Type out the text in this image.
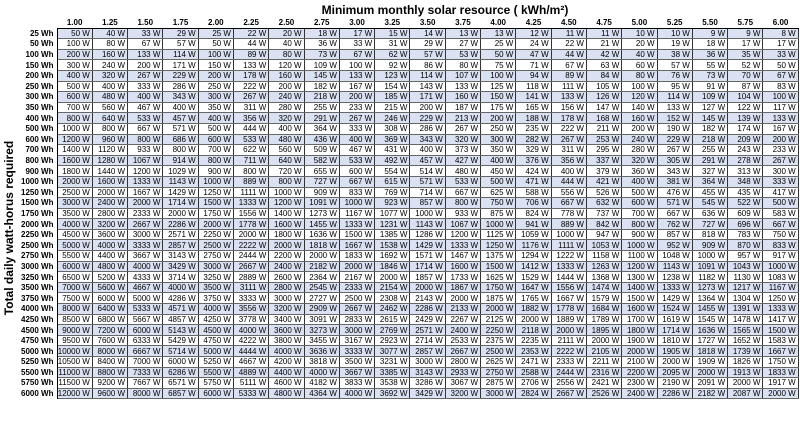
Minimum monthly solar resource ( kWh/m²)
Total daily watt-horus required
	1.00	1.25	1.50	1.75	2.00	2.25	2.50	2.75	3.00	3.25	3.50	3.75	4.00	4.25	4.50	4.75	5.00	5.25	5.50	5.75	6.00
25 Wh	50 W	40 W	33 W	29 W	25 W	22 W	20 W	18 W	17 W	15 W	14 W	13 W	13 W	12 W	11 W	11 W	10 W	10 W	9 W	9 W	8 W
50 Wh	100 W	80 W	67 W	57 W	50 W	44 W	40 W	36 W	33 W	31 W	29 W	27 W	25 W	24 W	22 W	21 W	20 W	19 W	18 W	17 W	17 W
100 Wh	200 W	160 W	133 W	114 W	100 W	89 W	80 W	73 W	67 W	62 W	57 W	53 W	50 W	47 W	44 W	42 W	40 W	38 W	36 W	35 W	33 W
150 Wh	300 W	240 W	200 W	171 W	150 W	133 W	120 W	109 W	100 W	92 W	86 W	80 W	75 W	71 W	67 W	63 W	60 W	57 W	55 W	52 W	50 W
200 Wh	400 W	320 W	267 W	229 W	200 W	178 W	160 W	145 W	133 W	123 W	114 W	107 W	100 W	94 W	89 W	84 W	80 W	76 W	73 W	70 W	67 W
250 Wh	500 W	400 W	333 W	286 W	250 W	222 W	200 W	182 W	167 W	154 W	143 W	133 W	125 W	118 W	111 W	105 W	100 W	95 W	91 W	87 W	83 W
300 Wh	600 W	480 W	400 W	343 W	300 W	267 W	240 W	218 W	200 W	185 W	171 W	160 W	150 W	141 W	133 W	126 W	120 W	114 W	109 W	104 W	100 W
350 Wh	700 W	560 W	467 W	400 W	350 W	311 W	280 W	255 W	233 W	215 W	200 W	187 W	175 W	165 W	156 W	147 W	140 W	133 W	127 W	122 W	117 W
400 Wh	800 W	640 W	533 W	457 W	400 W	356 W	320 W	291 W	267 W	246 W	229 W	213 W	200 W	188 W	178 W	168 W	160 W	152 W	145 W	139 W	133 W
500 Wh	1000 W	800 W	667 W	571 W	500 W	444 W	400 W	364 W	333 W	308 W	286 W	267 W	250 W	235 W	222 W	211 W	200 W	190 W	182 W	174 W	167 W
600 Wh	1200 W	960 W	800 W	686 W	600 W	533 W	480 W	436 W	400 W	369 W	343 W	320 W	300 W	282 W	267 W	253 W	240 W	229 W	218 W	209 W	200 W
700 Wh	1400 W	1120 W	933 W	800 W	700 W	622 W	560 W	509 W	467 W	431 W	400 W	373 W	350 W	329 W	311 W	295 W	280 W	267 W	255 W	243 W	233 W
800 Wh	1600 W	1280 W	1067 W	914 W	800 W	711 W	640 W	582 W	533 W	492 W	457 W	427 W	400 W	376 W	356 W	337 W	320 W	305 W	291 W	278 W	267 W
900 Wh	1800 W	1440 W	1200 W	1029 W	900 W	800 W	720 W	655 W	600 W	554 W	514 W	480 W	450 W	424 W	400 W	379 W	360 W	343 W	327 W	313 W	300 W
1000 Wh	2000 W	1600 W	1333 W	1143 W	1000 W	889 W	800 W	727 W	667 W	615 W	571 W	533 W	500 W	471 W	444 W	421 W	400 W	381 W	364 W	348 W	333 W
1250 Wh	2500 W	2000 W	1667 W	1429 W	1250 W	1111 W	1000 W	909 W	833 W	769 W	714 W	667 W	625 W	588 W	556 W	526 W	500 W	476 W	455 W	435 W	417 W
1500 Wh	3000 W	2400 W	2000 W	1714 W	1500 W	1333 W	1200 W	1091 W	1000 W	923 W	857 W	800 W	750 W	706 W	667 W	632 W	600 W	571 W	545 W	522 W	500 W
1750 Wh	3500 W	2800 W	2333 W	2000 W	1750 W	1556 W	1400 W	1273 W	1167 W	1077 W	1000 W	933 W	875 W	824 W	778 W	737 W	700 W	667 W	636 W	609 W	583 W
2000 Wh	4000 W	3200 W	2667 W	2286 W	2000 W	1778 W	1600 W	1455 W	1333 W	1231 W	1143 W	1067 W	1000 W	941 W	889 W	842 W	800 W	762 W	727 W	696 W	667 W
2250 Wh	4500 W	3600 W	3000 W	2571 W	2250 W	2000 W	1800 W	1636 W	1500 W	1385 W	1286 W	1200 W	1125 W	1059 W	1000 W	947 W	900 W	857 W	818 W	783 W	750 W
2500 Wh	5000 W	4000 W	3333 W	2857 W	2500 W	2222 W	2000 W	1818 W	1667 W	1538 W	1429 W	1333 W	1250 W	1176 W	1111 W	1053 W	1000 W	952 W	909 W	870 W	833 W
2750 Wh	5500 W	4400 W	3667 W	3143 W	2750 W	2444 W	2200 W	2000 W	1833 W	1692 W	1571 W	1467 W	1375 W	1294 W	1222 W	1158 W	1100 W	1048 W	1000 W	957 W	917 W
3000 Wh	6000 W	4800 W	4000 W	3429 W	3000 W	2667 W	2400 W	2182 W	2000 W	1846 W	1714 W	1600 W	1500 W	1412 W	1333 W	1263 W	1200 W	1143 W	1091 W	1043 W	1000 W
3250 Wh	6500 W	5200 W	4333 W	3714 W	3250 W	2889 W	2600 W	2364 W	2167 W	2000 W	1857 W	1733 W	1625 W	1529 W	1444 W	1368 W	1300 W	1238 W	1182 W	1130 W	1083 W
3500 Wh	7000 W	5600 W	4667 W	4000 W	3500 W	3111 W	2800 W	2545 W	2333 W	2154 W	2000 W	1867 W	1750 W	1647 W	1556 W	1474 W	1400 W	1333 W	1273 W	1217 W	1167 W
3750 Wh	7500 W	6000 W	5000 W	4286 W	3750 W	3333 W	3000 W	2727 W	2500 W	2308 W	2143 W	2000 W	1875 W	1765 W	1667 W	1579 W	1500 W	1429 W	1364 W	1304 W	1250 W
4000 Wh	8000 W	6400 W	5333 W	4571 W	4000 W	3556 W	3200 W	2909 W	2667 W	2462 W	2286 W	2133 W	2000 W	1882 W	1778 W	1684 W	1600 W	1524 W	1455 W	1391 W	1333 W
4250 Wh	8500 W	6800 W	5667 W	4857 W	4250 W	3778 W	3400 W	3091 W	2833 W	2615 W	2429 W	2267 W	2125 W	2000 W	1889 W	1789 W	1700 W	1619 W	1545 W	1478 W	1417 W
4500 Wh	9000 W	7200 W	6000 W	5143 W	4500 W	4000 W	3600 W	3273 W	3000 W	2769 W	2571 W	2400 W	2250 W	2118 W	2000 W	1895 W	1800 W	1714 W	1636 W	1565 W	1500 W
4750 Wh	9500 W	7600 W	6333 W	5429 W	4750 W	4222 W	3800 W	3455 W	3167 W	2923 W	2714 W	2533 W	2375 W	2235 W	2111 W	2000 W	1900 W	1810 W	1727 W	1652 W	1583 W
5000 Wh	10000 W	8000 W	6667 W	5714 W	5000 W	4444 W	4000 W	3636 W	3333 W	3077 W	2857 W	2667 W	2500 W	2353 W	2222 W	2105 W	2000 W	1905 W	1818 W	1739 W	1667 W
5250 Wh	10500 W	8400 W	7000 W	6000 W	5250 W	4667 W	4200 W	3818 W	3500 W	3231 W	3000 W	2800 W	2625 W	2471 W	2333 W	2211 W	2100 W	2000 W	1909 W	1826 W	1750 W
5500 Wh	11000 W	8800 W	7333 W	6286 W	5500 W	4889 W	4400 W	4000 W	3667 W	3385 W	3143 W	2933 W	2750 W	2588 W	2444 W	2316 W	2200 W	2095 W	2000 W	1913 W	1833 W
5750 Wh	11500 W	9200 W	7667 W	6571 W	5750 W	5111 W	4600 W	4182 W	3833 W	3538 W	3286 W	3067 W	2875 W	2706 W	2556 W	2421 W	2300 W	2190 W	2091 W	2000 W	1917 W
6000 Wh	12000 W	9600 W	8000 W	6857 W	6000 W	5333 W	4800 W	4364 W	4000 W	3692 W	3429 W	3200 W	3000 W	2824 W	2667 W	2526 W	2400 W	2286 W	2182 W	2087 W	2000 W
